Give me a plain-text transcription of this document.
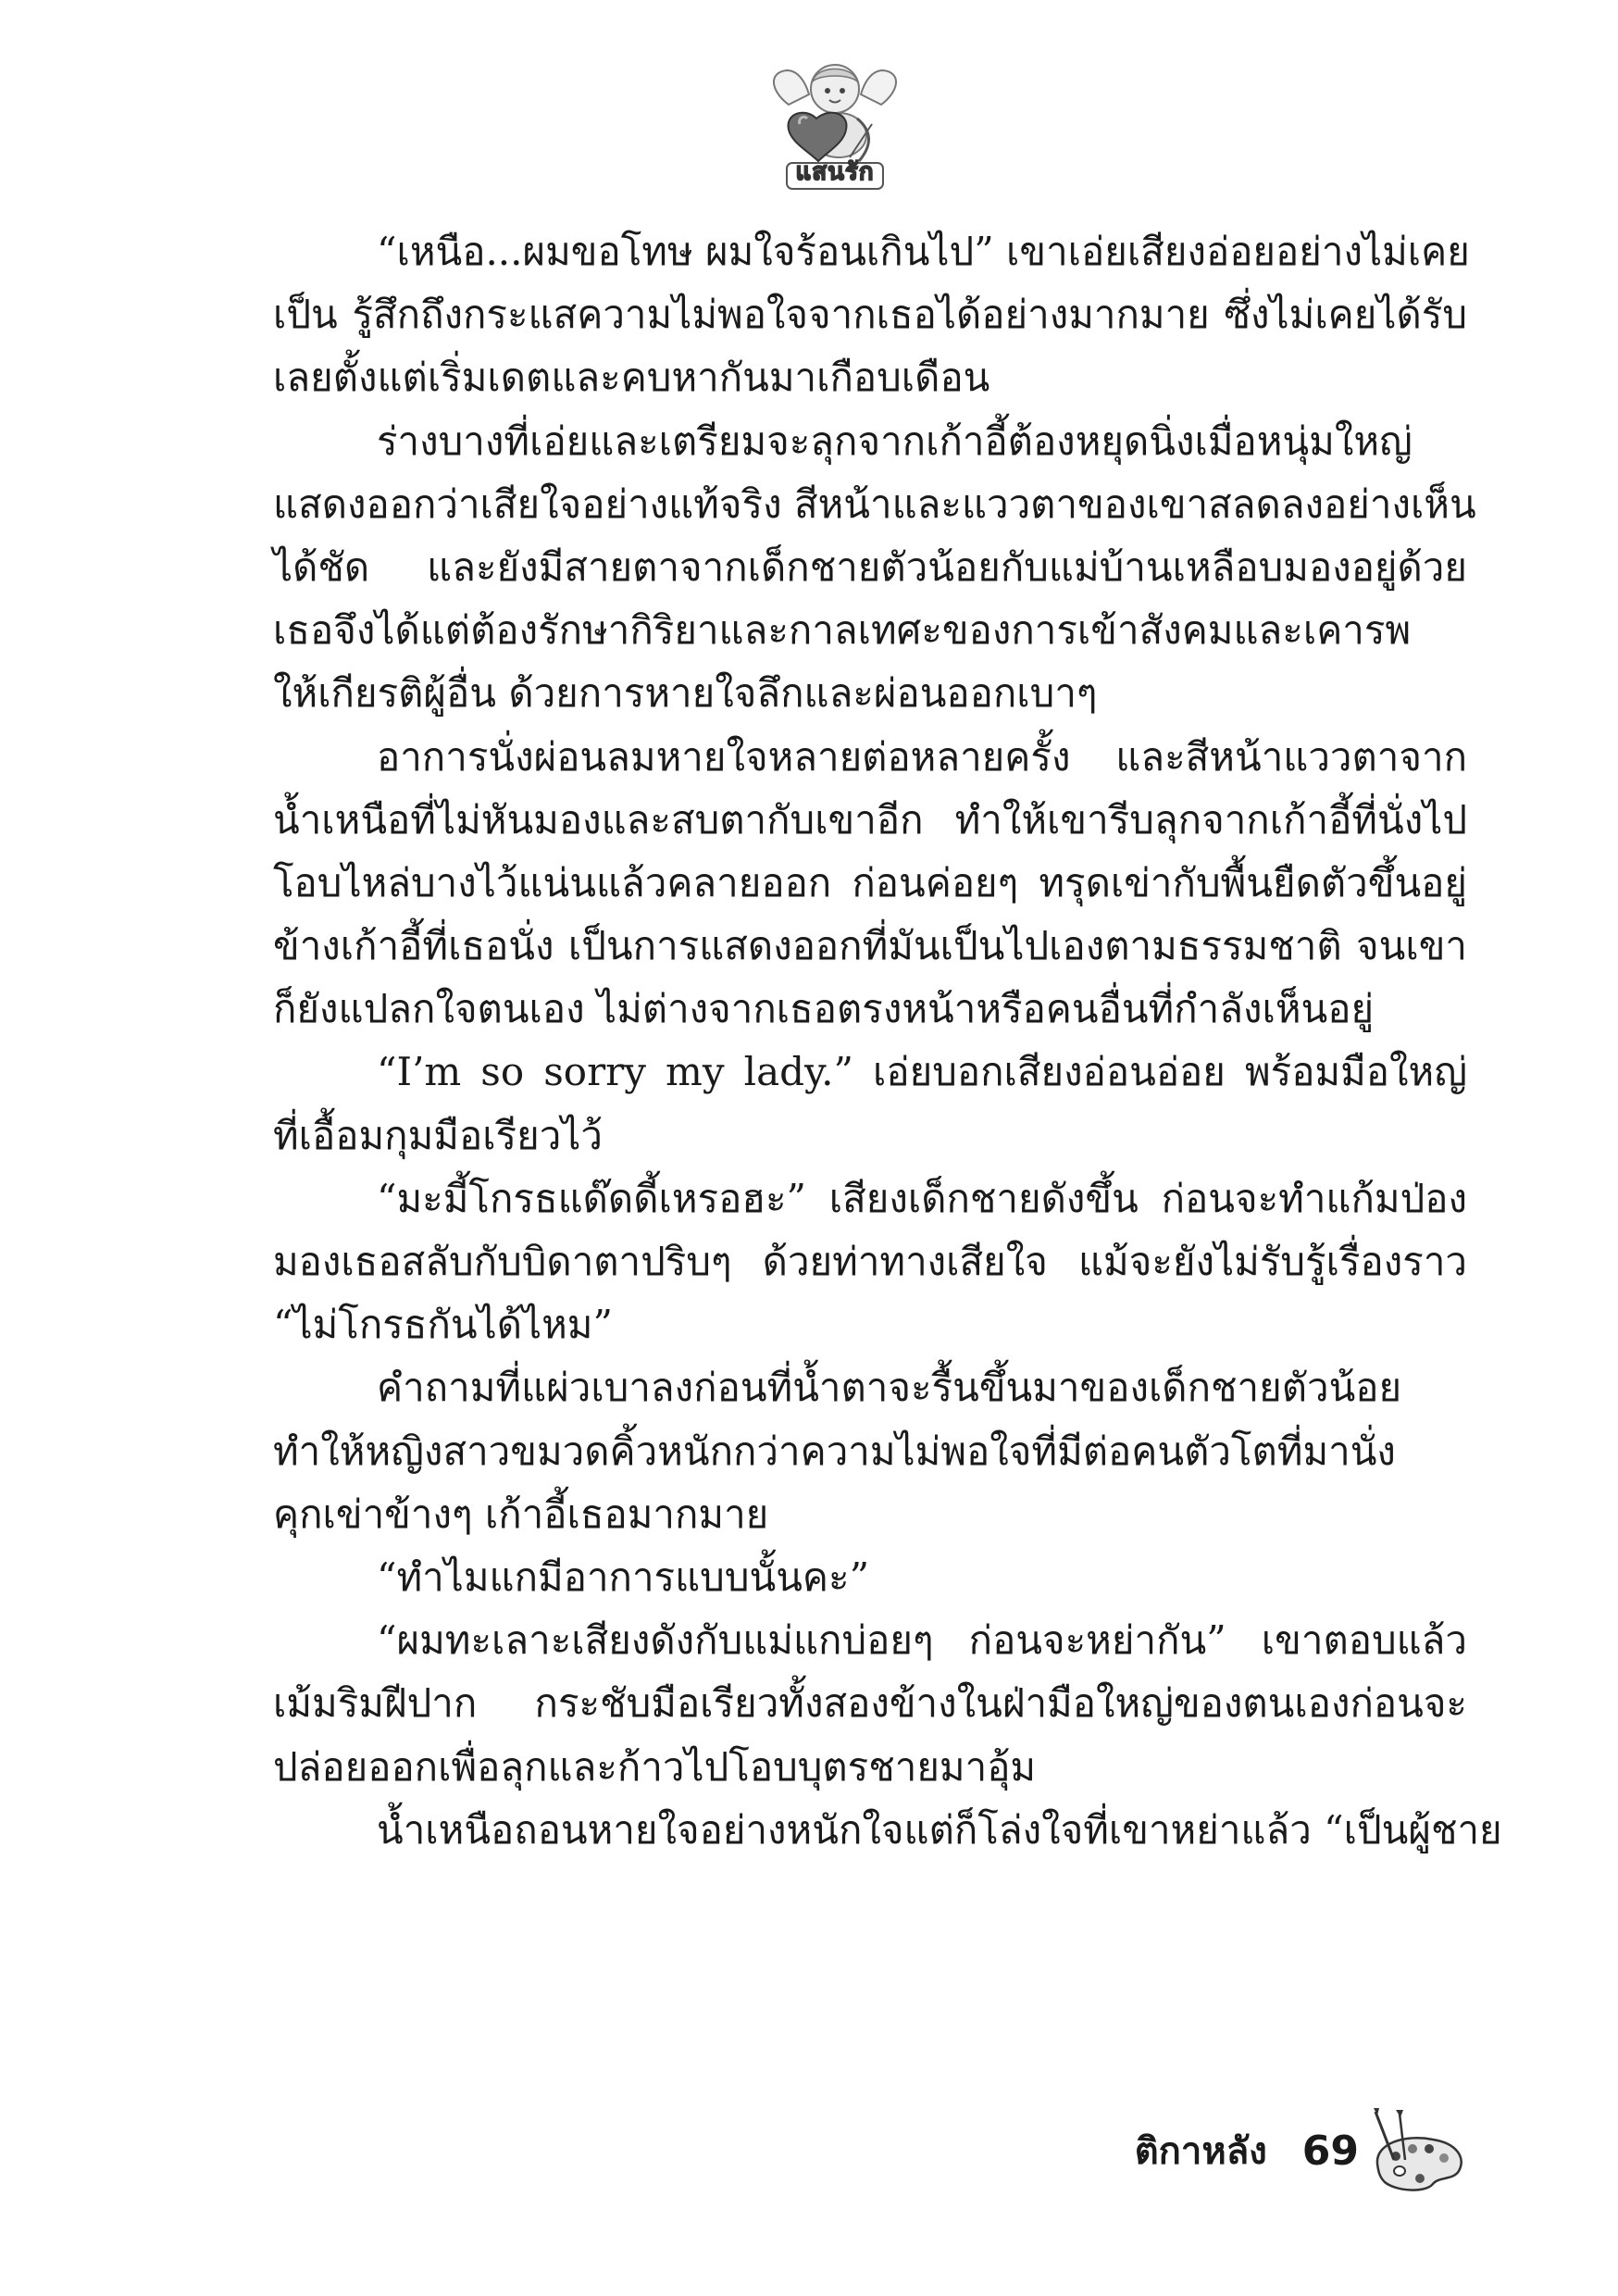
แสนรัก
“เหนือ...ผมขอโทษ ผมใจร้อนเกินไป” เขาเอ่ยเสียงอ่อยอย่างไม่เคย
เป็น รู้สึกถึงกระแสความไม่พอใจจากเธอได้อย่างมากมาย ซึ่งไม่เคยได้รับ
เลยตั้งแต่เริ่มเดตและคบหากันมาเกือบเดือน
ร่างบางที่เอ่ยและเตรียมจะลุกจากเก้าอี้ต้องหยุดนิ่งเมื่อหนุ่มใหญ่
แสดงออกว่าเสียใจอย่างแท้จริง สีหน้าและแววตาของเขาสลดลงอย่างเห็น
ได้ชัด และยังมีสายตาจากเด็กชายตัวน้อยกับแม่บ้านเหลือบมองอยู่ด้วย
เธอจึงได้แต่ต้องรักษากิริยาและกาลเทศะของการเข้าสังคมและเคารพ
ให้เกียรติผู้อื่น ด้วยการหายใจลึกและผ่อนออกเบาๆ
อาการนั่งผ่อนลมหายใจหลายต่อหลายครั้ง และสีหน้าแววตาจาก
น้ำเหนือที่ไม่หันมองและสบตากับเขาอีก ทำให้เขารีบลุกจากเก้าอี้ที่นั่งไป
โอบไหล่บางไว้แน่นแล้วคลายออก ก่อนค่อยๆ ทรุดเข่ากับพื้นยืดตัวขึ้นอยู่
ข้างเก้าอี้ที่เธอนั่ง เป็นการแสดงออกที่มันเป็นไปเองตามธรรมชาติ จนเขา
ก็ยังแปลกใจตนเอง ไม่ต่างจากเธอตรงหน้าหรือคนอื่นที่กำลังเห็นอยู่
“I’m so sorry my lady.” เอ่ยบอกเสียงอ่อนอ่อย พร้อมมือใหญ่
ที่เอื้อมกุมมือเรียวไว้
“มะมี้โกรธแด๊ดดี้เหรอฮะ” เสียงเด็กชายดังขึ้น ก่อนจะทำแก้มป่อง
มองเธอสลับกับบิดาตาปริบๆ ด้วยท่าทางเสียใจ แม้จะยังไม่รับรู้เรื่องราว
“ไม่โกรธกันได้ไหม”
คำถามที่แผ่วเบาลงก่อนที่น้ำตาจะรื้นขึ้นมาของเด็กชายตัวน้อย
ทำให้หญิงสาวขมวดคิ้วหนักกว่าความไม่พอใจที่มีต่อคนตัวโตที่มานั่ง
คุกเข่าข้างๆ เก้าอี้เธอมากมาย
“ทำไมแกมีอาการแบบนั้นคะ”
“ผมทะเลาะเสียงดังกับแม่แกบ่อยๆ ก่อนจะหย่ากัน” เขาตอบแล้ว
เม้มริมฝีปาก กระชับมือเรียวทั้งสองข้างในฝ่ามือใหญ่ของตนเองก่อนจะ
ปล่อยออกเพื่อลุกและก้าวไปโอบบุตรชายมาอุ้ม
น้ำเหนือถอนหายใจอย่างหนักใจแต่ก็โล่งใจที่เขาหย่าแล้ว “เป็นผู้ชาย
ติกาหลัง 69
